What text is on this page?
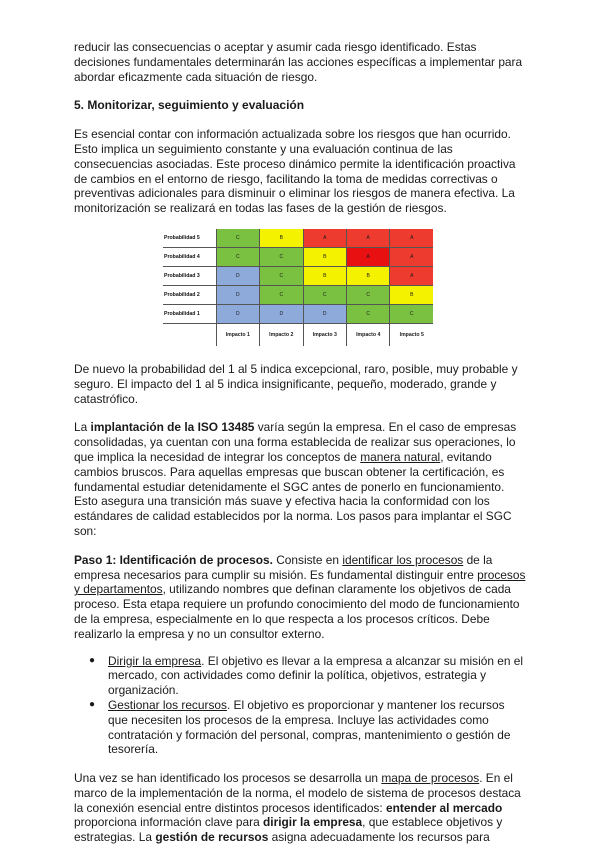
reducir las consecuencias o aceptar y asumir cada riesgo identificado. Estas decisiones fundamentales determinarán las acciones específicas a implementar para abordar eficazmente cada situación de riesgo.

5. Monitorizar, seguimiento y evaluación

Es esencial contar con información actualizada sobre los riesgos que han ocurrido. Esto implica un seguimiento constante y una evaluación continua de las consecuencias asociadas. Este proceso dinámico permite la identificación proactiva de cambios en el entorno de riesgo, facilitando la toma de medidas correctivas o preventivas adicionales para disminuir o eliminar los riesgos de manera efectiva. La monitorización se realizará en todas las fases de la gestión de riesgos.

Probabilidad 5	C	B	A	A	A
Probabilidad 4	C	C	B	A	A
Probabilidad 3	D	C	B	B	A
Probabilidad 2	D	C	C	C	B
Probabilidad 1	D	D	D	C	C

	Impacto 1	Impacto 2	Impacto 3	Impacto 4	Impacto 5

De nuevo la probabilidad del 1 al 5 indica excepcional, raro, posible, muy probable y seguro. El impacto del 1 al 5 indica insignificante, pequeño, moderado, grande y catastrófico.

La implantación de la ISO 13485 varía según la empresa. En el caso de empresas consolidadas, ya cuentan con una forma establecida de realizar sus operaciones, lo que implica la necesidad de integrar los conceptos de manera natural, evitando cambios bruscos. Para aquellas empresas que buscan obtener la certificación, es fundamental estudiar detenidamente el SGC antes de ponerlo en funcionamiento. Esto asegura una transición más suave y efectiva hacia la conformidad con los estándares de calidad establecidos por la norma. Los pasos para implantar el SGC son:

Paso 1: Identificación de procesos. Consiste en identificar los procesos de la empresa necesarios para cumplir su misión. Es fundamental distinguir entre procesos y departamentos, utilizando nombres que definan claramente los objetivos de cada proceso. Esta etapa requiere un profundo conocimiento del modo de funcionamiento de la empresa, especialmente en lo que respecta a los procesos críticos. Debe realizarlo la empresa y no un consultor externo.

● Dirigir la empresa. El objetivo es llevar a la empresa a alcanzar su misión en el mercado, con actividades como definir la política, objetivos, estrategia y organización.
● Gestionar los recursos. El objetivo es proporcionar y mantener los recursos que necesiten los procesos de la empresa. Incluye las actividades como contratación y formación del personal, compras, mantenimiento o gestión de tesorería.

Una vez se han identificado los procesos se desarrolla un mapa de procesos. En el marco de la implementación de la norma, el modelo de sistema de procesos destaca la conexión esencial entre distintos procesos identificados: entender al mercado proporciona información clave para dirigir la empresa, que establece objetivos y estrategias. La gestión de recursos asigna adecuadamente los recursos para
